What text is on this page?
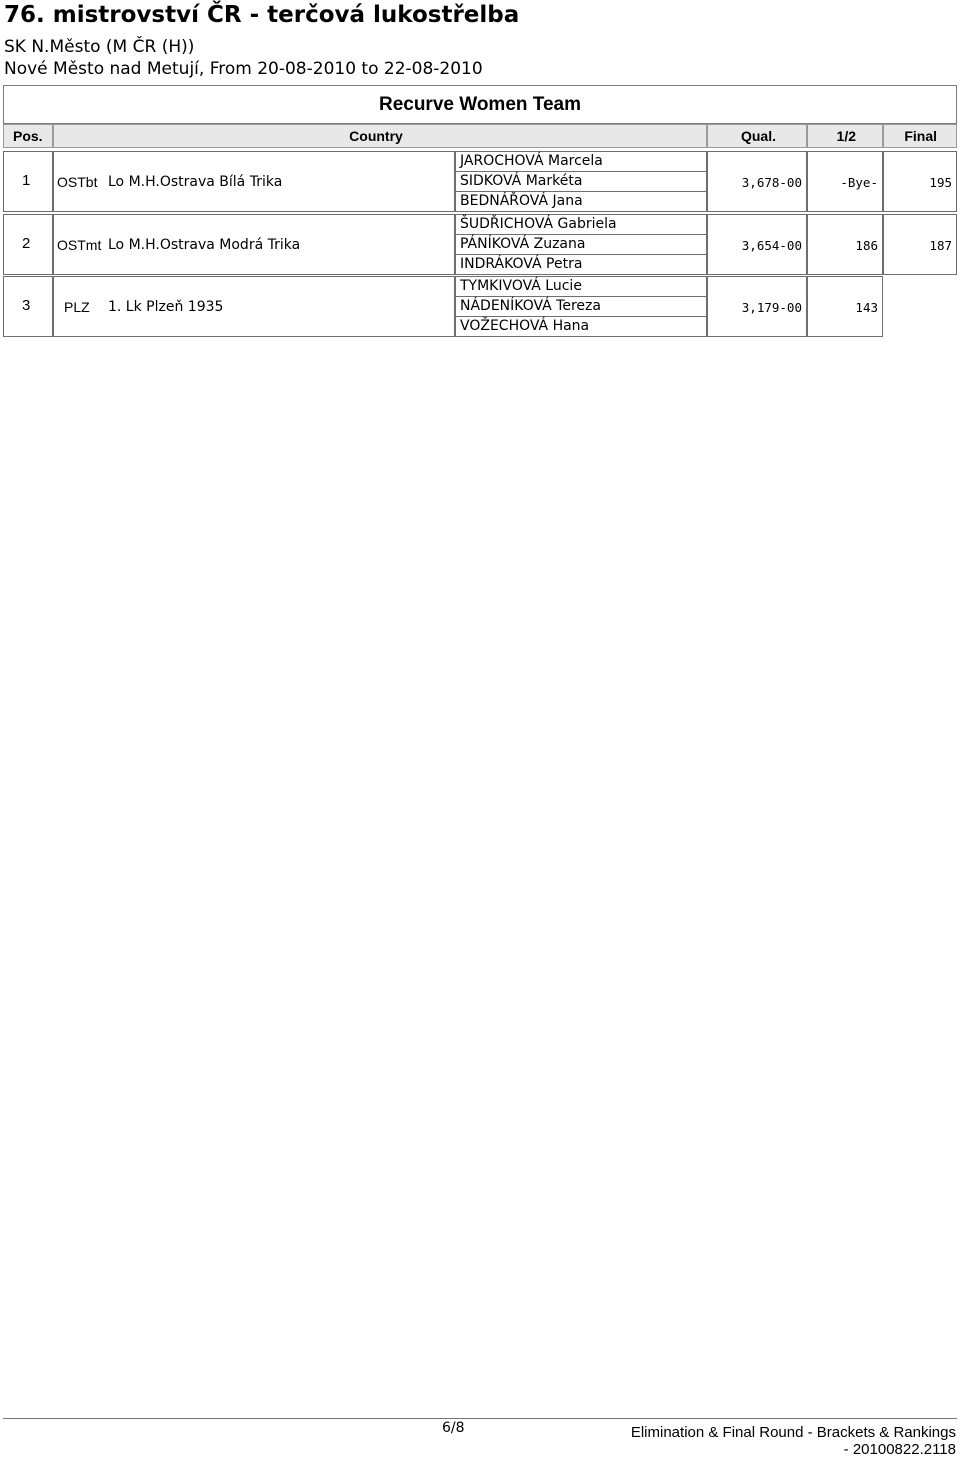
76. mistrovství ČR - terčová lukostřelba
SK N.Město (M ČR (H))
Nové Město nad Metují, From 20-08-2010 to 22-08-2010
Recurve Women Team
Pos.	Country	Qual.	1/2	Final
1 OSTbt Lo M.H.Ostrava Bílá Trika
JAROCHOVÁ Marcela
SIDKOVÁ Markéta
BEDNÁŘOVÁ Jana
3,678-00	-Bye-	195
2 OSTmt Lo M.H.Ostrava Modrá Trika
ŠUDŘICHOVÁ Gabriela
PÁNÍKOVÁ Zuzana
INDRÁKOVÁ Petra
3,654-00	186	187
3 PLZ 1. Lk Plzeň 1935
TYMKIVOVÁ Lucie
NÁDENÍKOVÁ Tereza
VOŽECHOVÁ Hana
3,179-00	143
6/8	Elimination & Final Round - Brackets & Rankings
- 20100822.2118
